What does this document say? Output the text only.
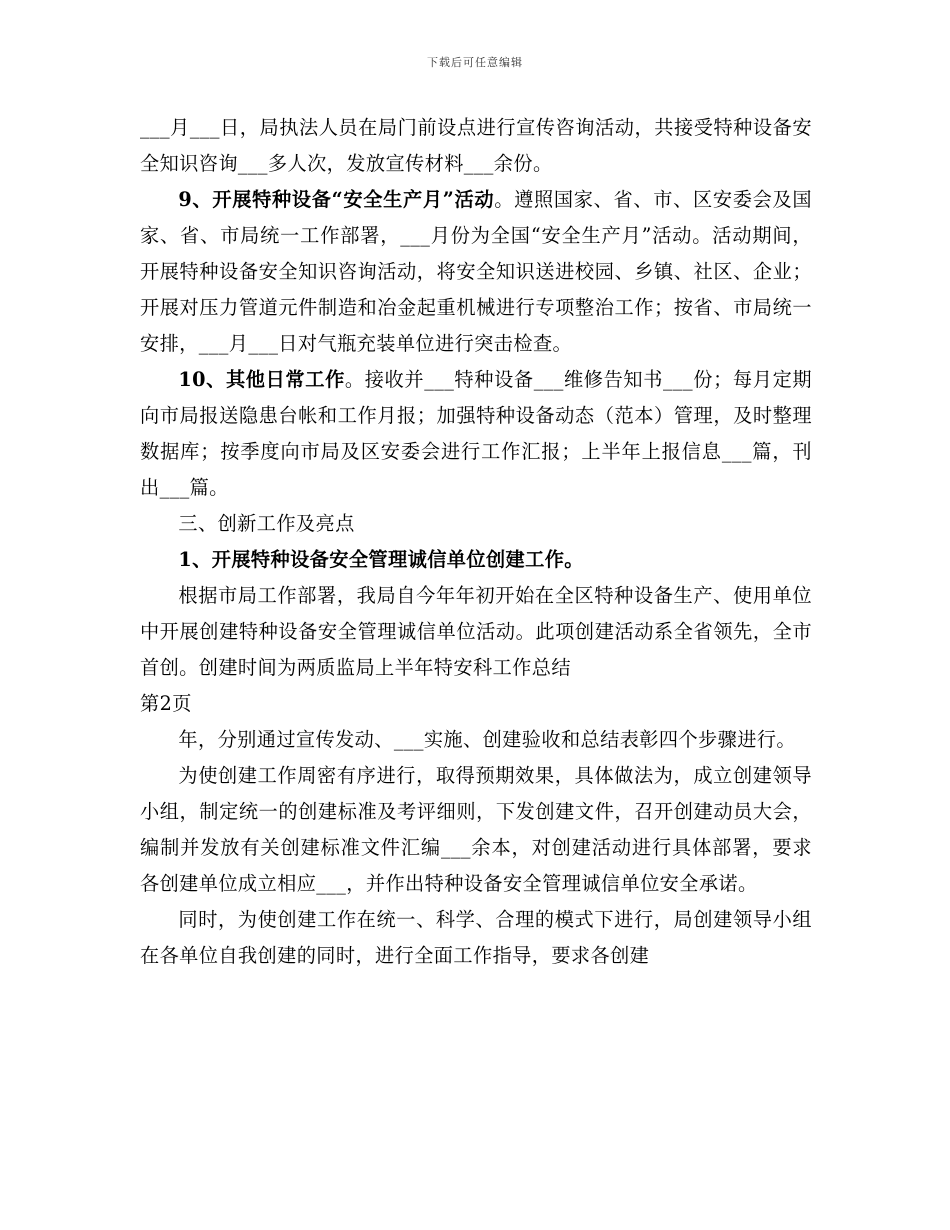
下载后可任意编辑

___月___日，局执法人员在局门前设点进行宣传咨询活动，共接受特种设备安全知识咨询___多人次，发放宣传材料___余份。

9、开展特种设备“安全生产月”活动。遵照国家、省、市、区安委会及国家、省、市局统一工作部署，___月份为全国“安全生产月”活动。活动期间，开展特种设备安全知识咨询活动，将安全知识送进校园、乡镇、社区、企业；开展对压力管道元件制造和冶金起重机械进行专项整治工作；按省、市局统一安排，___月___日对气瓶充装单位进行突击检查。

10、其他日常工作。接收并___特种设备___维修告知书___份；每月定期向市局报送隐患台帐和工作月报；加强特种设备动态（范本）管理，及时整理数据库；按季度向市局及区安委会进行工作汇报；上半年上报信息___篇，刊出___篇。

三、创新工作及亮点

1、开展特种设备安全管理诚信单位创建工作。

根据市局工作部署，我局自今年年初开始在全区特种设备生产、使用单位中开展创建特种设备安全管理诚信单位活动。此项创建活动系全省领先，全市首创。创建时间为两质监局上半年特安科工作总结

第2页

年，分别通过宣传发动、___实施、创建验收和总结表彰四个步骤进行。

为使创建工作周密有序进行，取得预期效果，具体做法为，成立创建领导小组，制定统一的创建标准及考评细则，下发创建文件，召开创建动员大会，编制并发放有关创建标准文件汇编___余本，对创建活动进行具体部署，要求各创建单位成立相应___，并作出特种设备安全管理诚信单位安全承诺。

同时，为使创建工作在统一、科学、合理的模式下进行，局创建领导小组在各单位自我创建的同时，进行全面工作指导，要求各创建
